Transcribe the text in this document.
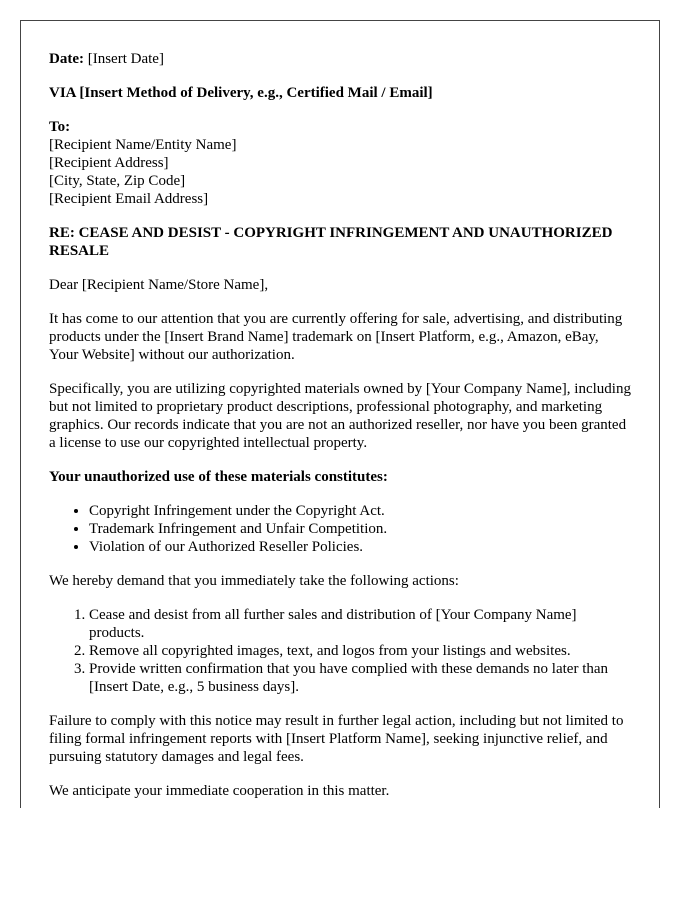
Date: [Insert Date]

VIA [Insert Method of Delivery, e.g., Certified Mail / Email]

To:
[Recipient Name/Entity Name]
[Recipient Address]
[City, State, Zip Code]
[Recipient Email Address]

RE: CEASE AND DESIST - COPYRIGHT INFRINGEMENT AND UNAUTHORIZED RESALE

Dear [Recipient Name/Store Name],

It has come to our attention that you are currently offering for sale, advertising, and distributing products under the [Insert Brand Name] trademark on [Insert Platform, e.g., Amazon, eBay, Your Website] without our authorization.

Specifically, you are utilizing copyrighted materials owned by [Your Company Name], including but not limited to proprietary product descriptions, professional photography, and marketing graphics. Our records indicate that you are not an authorized reseller, nor have you been granted a license to use our copyrighted intellectual property.

Your unauthorized use of these materials constitutes:

• Copyright Infringement under the Copyright Act.
• Trademark Infringement and Unfair Competition.
• Violation of our Authorized Reseller Policies.

We hereby demand that you immediately take the following actions:

1. Cease and desist from all further sales and distribution of [Your Company Name] products.
2. Remove all copyrighted images, text, and logos from your listings and websites.
3. Provide written confirmation that you have complied with these demands no later than [Insert Date, e.g., 5 business days].

Failure to comply with this notice may result in further legal action, including but not limited to filing formal infringement reports with [Insert Platform Name], seeking injunctive relief, and pursuing statutory damages and legal fees.

We anticipate your immediate cooperation in this matter.
